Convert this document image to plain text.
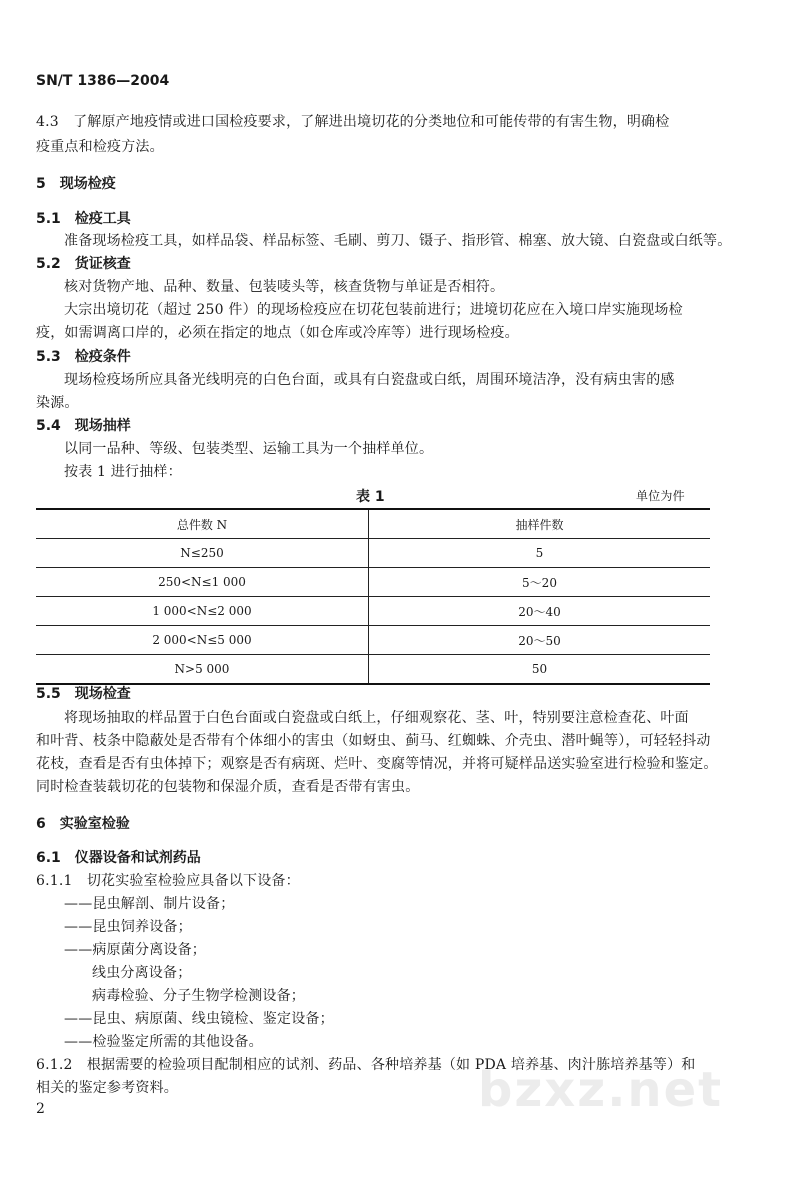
SN/T 1386—2004
4.3　了解原产地疫情或进口国检疫要求，了解进出境切花的分类地位和可能传带的有害生物，明确检
疫重点和检疫方法。
5　现场检疫
5.1　检疫工具
准备现场检疫工具，如样品袋、样品标签、毛刷、剪刀、镊子、指形管、棉塞、放大镜、白瓷盘或白纸等。
5.2　货证核查
核对货物产地、品种、数量、包装唛头等，核查货物与单证是否相符。
大宗出境切花（超过 250 件）的现场检疫应在切花包装前进行；进境切花应在入境口岸实施现场检
疫，如需调离口岸的，必须在指定的地点（如仓库或冷库等）进行现场检疫。
5.3　检疫条件
现场检疫场所应具备光线明亮的白色台面，或具有白瓷盘或白纸，周围环境洁净，没有病虫害的感
染源。
5.4　现场抽样
以同一品种、等级、包装类型、运输工具为一个抽样单位。
按表 1 进行抽样：
表 1	单位为件
总件数 N	抽样件数
N≤250	5
250<N≤1 000	5～20
1 000<N≤2 000	20～40
2 000<N≤5 000	20～50
N>5 000	50
5.5　现场检查
将现场抽取的样品置于白色台面或白瓷盘或白纸上，仔细观察花、茎、叶，特别要注意检查花、叶面
和叶背、枝条中隐蔽处是否带有个体细小的害虫（如蚜虫、蓟马、红蜘蛛、介壳虫、潜叶蝇等），可轻轻抖动
花枝，查看是否有虫体掉下；观察是否有病斑、烂叶、变腐等情况，并将可疑样品送实验室进行检验和鉴定。
同时检查装载切花的包装物和保湿介质，查看是否带有害虫。
6　实验室检验
6.1　仪器设备和试剂药品
6.1.1　切花实验室检验应具备以下设备：
——昆虫解剖、制片设备；
——昆虫饲养设备；
——病原菌分离设备；
线虫分离设备；
病毒检验、分子生物学检测设备；
——昆虫、病原菌、线虫镜检、鉴定设备；
——检验鉴定所需的其他设备。
6.1.2　根据需要的检验项目配制相应的试剂、药品、各种培养基（如 PDA 培养基、肉汁胨培养基等）和
相关的鉴定参考资料。
2	bzxz.net
